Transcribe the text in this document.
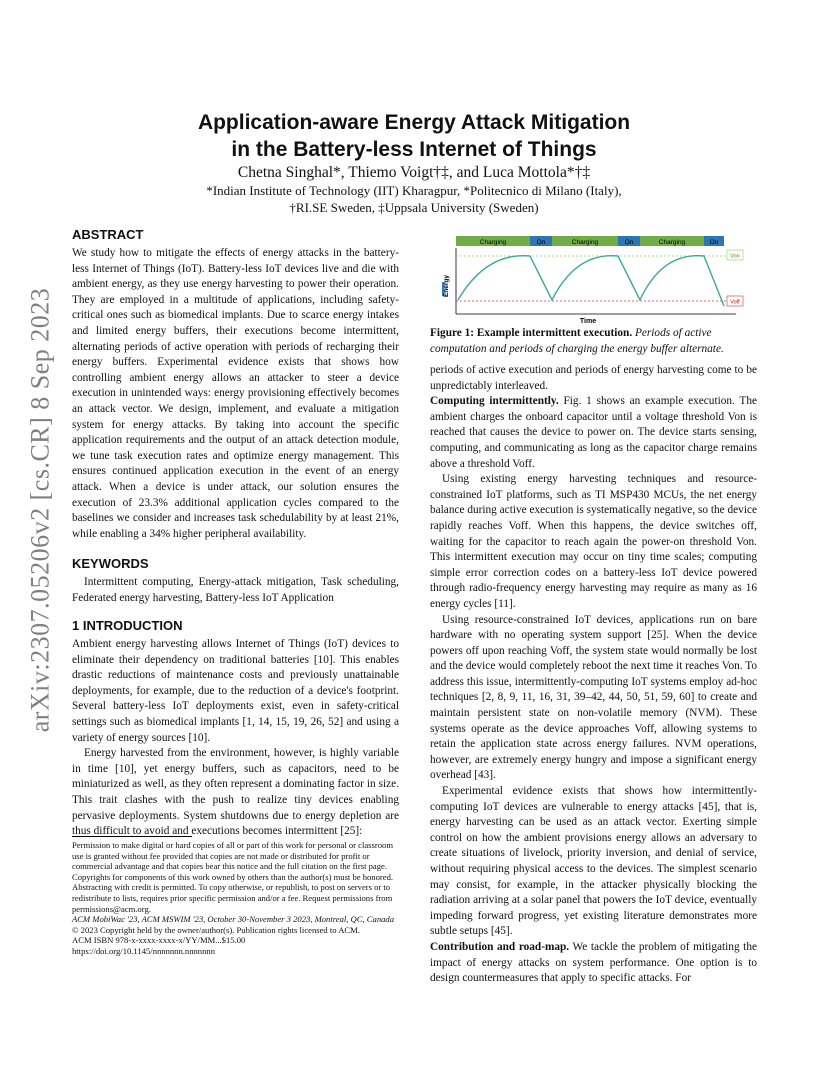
arXiv:2307.05206v2 [cs.CR] 8 Sep 2023
Application-aware Energy Attack Mitigation
in the Battery-less Internet of Things
Chetna Singhal*, Thiemo Voigt†‡, and Luca Mottola*†‡
*Indian Institute of Technology (IIT) Kharagpur, *Politecnico di Milano (Italy),
†RI.SE Sweden, ‡Uppsala University (Sweden)
ABSTRACT

We study how to mitigate the effects of energy attacks in the battery-less Internet of Things (IoT). Battery-less IoT devices live and die with ambient energy, as they use energy harvesting to power their operation. They are employed in a multitude of applications, including safety-critical ones such as biomedical implants. Due to scarce energy intakes and limited energy buffers, their executions become intermittent, alternating periods of active operation with periods of recharging their energy buffers. Experimental evidence exists that shows how controlling ambient energy allows an attacker to steer a device execution in unintended ways: energy provisioning effectively becomes an attack vector. We design, implement, and evaluate a mitigation system for energy attacks. By taking into account the specific application requirements and the output of an attack detection module, we tune task execution rates and optimize energy management. This ensures continued application execution in the event of an energy attack. When a device is under attack, our solution ensures the execution of 23.3% additional application cycles compared to the baselines we consider and increases task schedulability by at least 21%, while enabling a 34% higher peripheral availability.

KEYWORDS

Intermittent computing, Energy-attack mitigation, Task scheduling, Federated energy harvesting, Battery-less IoT Application

1 INTRODUCTION

Ambient energy harvesting allows Internet of Things (IoT) devices to eliminate their dependency on traditional batteries [10]. This enables drastic reductions of maintenance costs and previously unattainable deployments, for example, due to the reduction of a device's footprint. Several battery-less IoT deployments exist, even in safety-critical settings such as biomedical implants [1, 14, 15, 19, 26, 52] and using a variety of energy sources [10].

Energy harvested from the environment, however, is highly variable in time [10], yet energy buffers, such as capacitors, need to be miniaturized as well, as they often represent a dominating factor in size. This trait clashes with the push to realize tiny devices enabling pervasive deployments. System shutdowns due to energy depletion are thus difficult to avoid and executions becomes intermittent [25]:

Permission to make digital or hard copies of all or part of this work for personal or classroom use is granted without fee provided that copies are not made or distributed for profit or commercial advantage and that copies bear this notice and the full citation on the first page. Copyrights for components of this work owned by others than the author(s) must be honored. Abstracting with credit is permitted. To copy otherwise, or republish, to post on servers or to redistribute to lists, requires prior specific permission and/or a fee. Request permissions from permissions@acm.org.

ACM MobiWac '23, ACM MSWIM '23, October 30-November 3 2023, Montreal, QC, Canada

© 2023 Copyright held by the owner/author(s). Publication rights licensed to ACM.

ACM ISBN 978-x-xxxx-xxxx-x/YY/MM...$15.00

https://doi.org/10.1145/nnnnnnn.nnnnnnn

Charging	On	Charging	On	Charging	On
Energy
Von
Voff
Time
Figure 1: Example intermittent execution. Periods of active computation and periods of charging the energy buffer alternate.

periods of active execution and periods of energy harvesting come to be unpredictably interleaved.

Computing intermittently. Fig. 1 shows an example execution. The ambient charges the onboard capacitor until a voltage threshold Von is reached that causes the device to power on. The device starts sensing, computing, and communicating as long as the capacitor charge remains above a threshold Voff.

Using existing energy harvesting techniques and resource-constrained IoT platforms, such as TI MSP430 MCUs, the net energy balance during active execution is systematically negative, so the device rapidly reaches Voff. When this happens, the device switches off, waiting for the capacitor to reach again the power-on threshold Von. This intermittent execution may occur on tiny time scales; computing simple error correction codes on a battery-less IoT device powered through radio-frequency energy harvesting may require as many as 16 energy cycles [11].

Using resource-constrained IoT devices, applications run on bare hardware with no operating system support [25]. When the device powers off upon reaching Voff, the system state would normally be lost and the device would completely reboot the next time it reaches Von. To address this issue, intermittently-computing IoT systems employ ad-hoc techniques [2, 8, 9, 11, 16, 31, 39–42, 44, 50, 51, 59, 60] to create and maintain persistent state on non-volatile memory (NVM). These systems operate as the device approaches Voff, allowing systems to retain the application state across energy failures. NVM operations, however, are extremely energy hungry and impose a significant energy overhead [43].

Experimental evidence exists that shows how intermittently-computing IoT devices are vulnerable to energy attacks [45], that is, energy harvesting can be used as an attack vector. Exerting simple control on how the ambient provisions energy allows an adversary to create situations of livelock, priority inversion, and denial of service, without requiring physical access to the devices. The simplest scenario may consist, for example, in the attacker physically blocking the radiation arriving at a solar panel that powers the IoT device, eventually impeding forward progress, yet existing literature demonstrates more subtle setups [45].

Contribution and road-map. We tackle the problem of mitigating the impact of energy attacks on system performance. One option is to design countermeasures that apply to specific attacks. For
